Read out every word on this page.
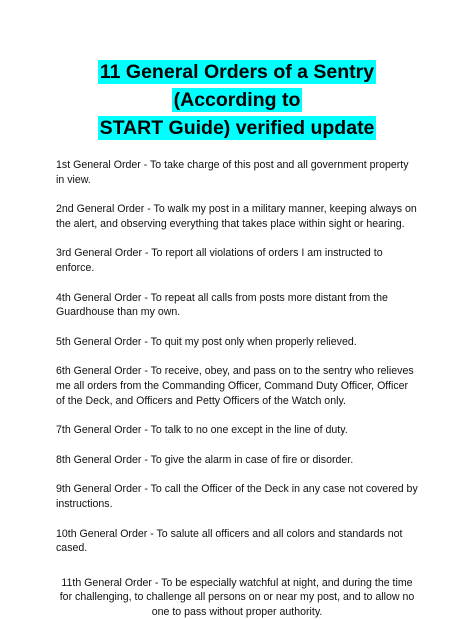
11 General Orders of a Sentry (According to
START Guide) verified update

1st General Order - To take charge of this post and all government property in view.

2nd General Order - To walk my post in a military manner, keeping always on the alert, and observing everything that takes place within sight or hearing.

3rd General Order - To report all violations of orders I am instructed to enforce.

4th General Order - To repeat all calls from posts more distant from the Guardhouse than my own.

5th General Order - To quit my post only when properly relieved.

6th General Order - To receive, obey, and pass on to the sentry who relieves me all orders from the Commanding Officer, Command Duty Officer, Officer of the Deck, and Officers and Petty Officers of the Watch only.

7th General Order - To talk to no one except in the line of duty.

8th General Order - To give the alarm in case of fire or disorder.

9th General Order - To call the Officer of the Deck in any case not covered by instructions.

10th General Order - To salute all officers and all colors and standards not cased.

11th General Order - To be especially watchful at night, and during the time for challenging, to challenge all persons on or near my post, and to allow no one to pass without proper authority.
